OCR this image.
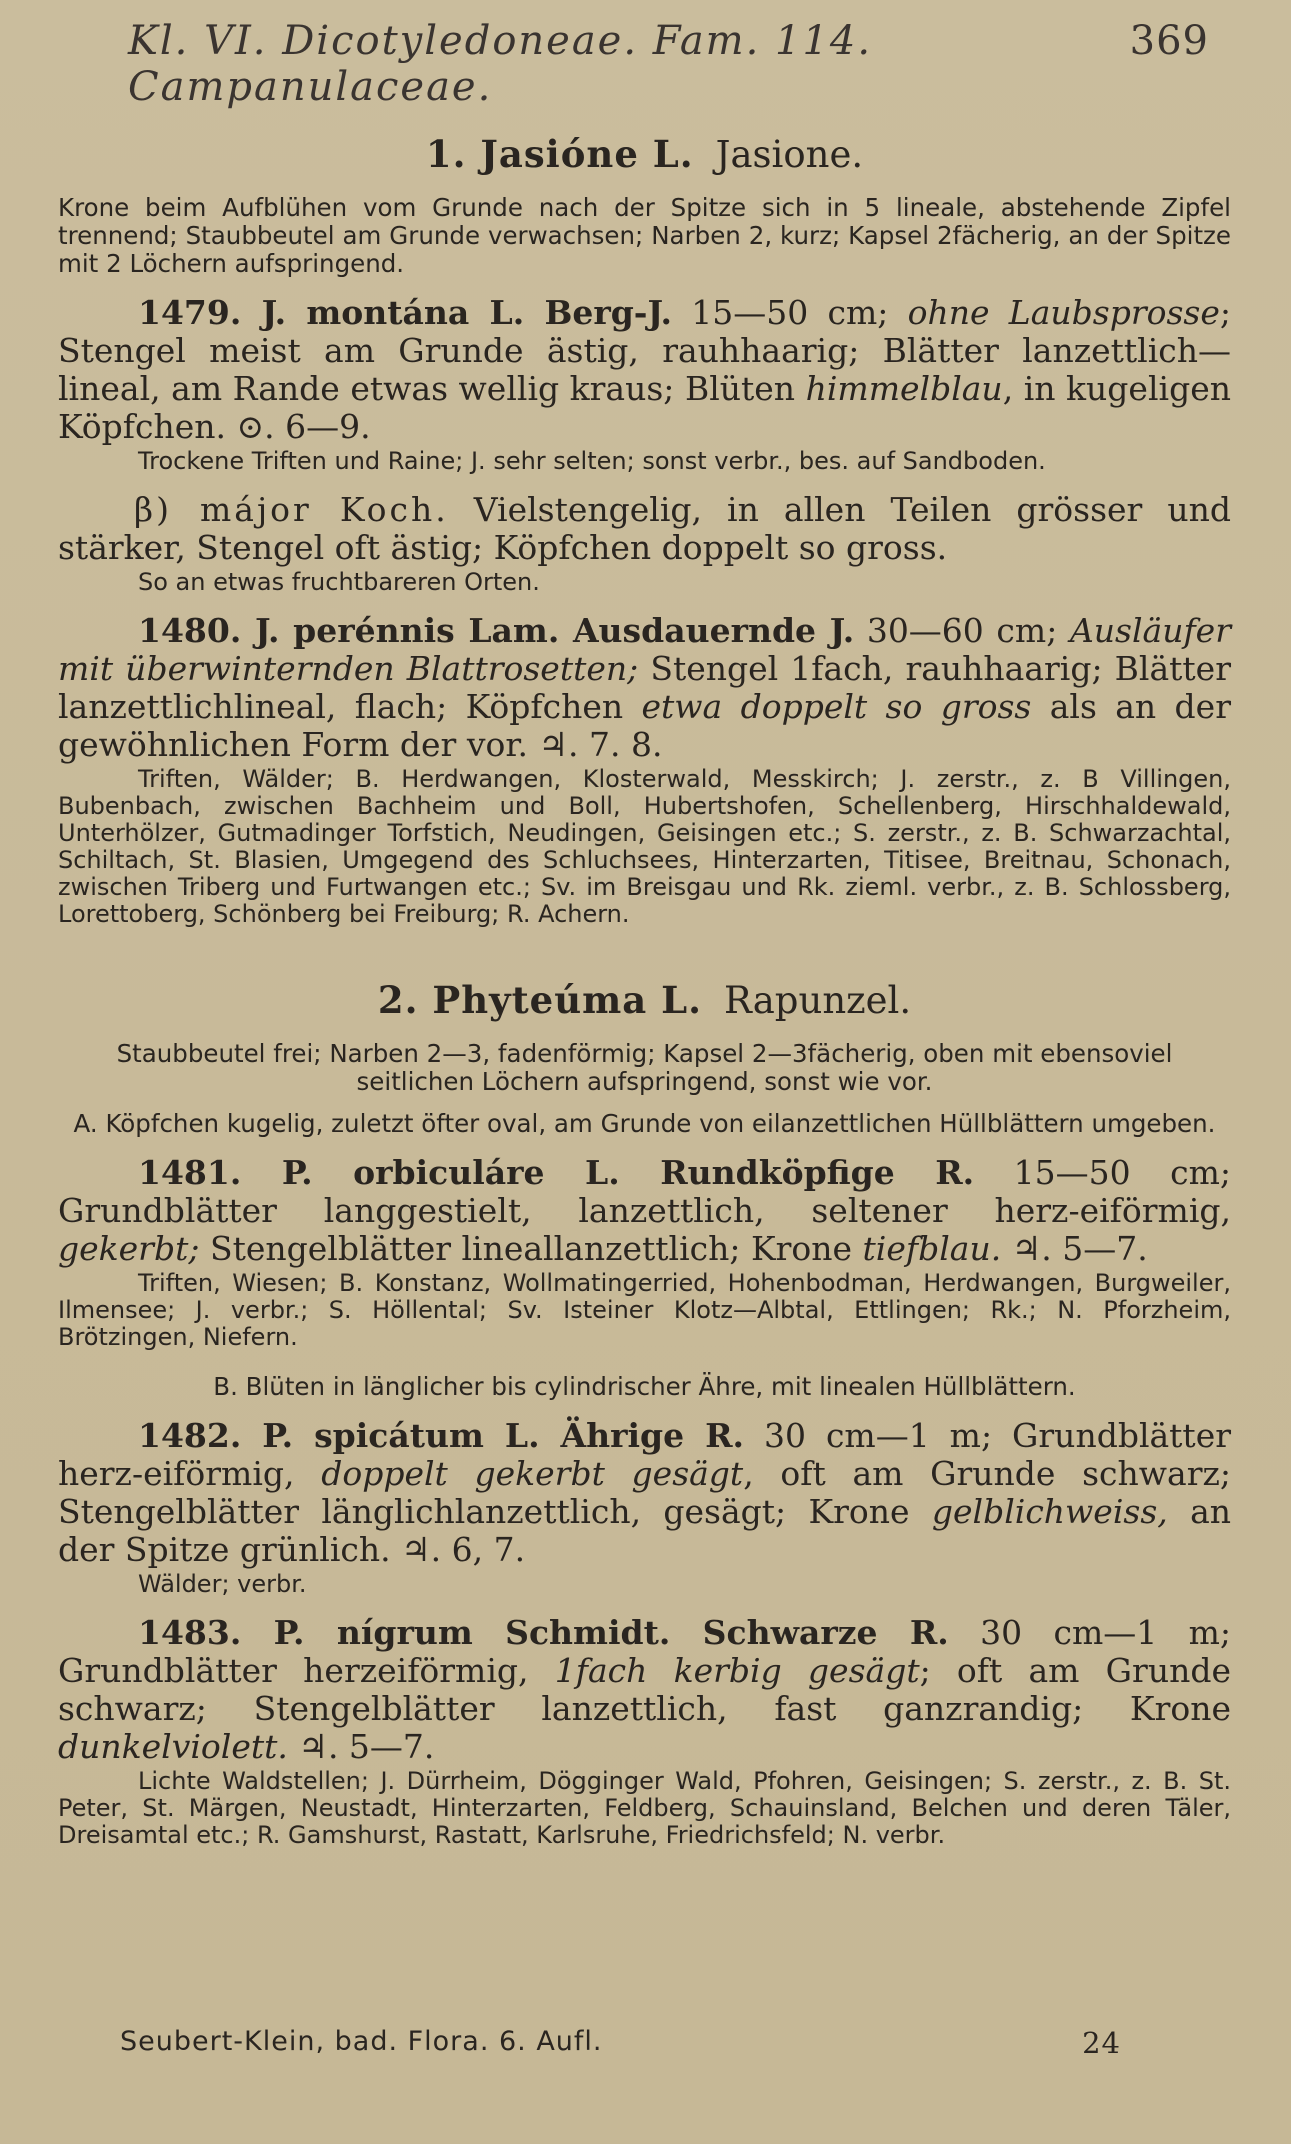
Kl. VI. Dicotyledoneae. Fam. 114. Campanulaceae.
369
1. Jasióne L. Jasione.

Krone beim Aufblühen vom Grunde nach der Spitze sich in 5 lineale, abstehende Zipfel trennend; Staubbeutel am Grunde verwachsen; Narben 2, kurz; Kapsel 2fächerig, an der Spitze mit 2 Löchern aufspringend.

1479. J. montána L. Berg-J. 15—50 cm; ohne Laubsprosse; Stengel meist am Grunde ästig, rauhhaarig; Blätter lanzettlich—lineal, am Rande etwas wellig kraus; Blüten himmelblau, in kugeligen Köpfchen. ⊙. 6—9.

Trockene Triften und Raine; J. sehr selten; sonst verbr., bes. auf Sandboden.

β) májor Koch. Vielstengelig, in allen Teilen grösser und stärker, Stengel oft ästig; Köpfchen doppelt so gross.

So an etwas fruchtbareren Orten.

1480. J. perénnis Lam. Ausdauernde J. 30—60 cm; Ausläufer mit überwinternden Blattrosetten; Stengel 1fach, rauhhaarig; Blätter lanzettlichlineal, flach; Köpfchen etwa doppelt so gross als an der gewöhnlichen Form der vor. ♃. 7. 8.

Triften, Wälder; B. Herdwangen, Klosterwald, Messkirch; J. zerstr., z. B Villingen, Bubenbach, zwischen Bachheim und Boll, Hubertshofen, Schellenberg, Hirschhaldewald, Unterhölzer, Gutmadinger Torfstich, Neudingen, Geisingen etc.; S. zerstr., z. B. Schwarzachtal, Schiltach, St. Blasien, Umgegend des Schluchsees, Hinterzarten, Titisee, Breitnau, Schonach, zwischen Triberg und Furtwangen etc.; Sv. im Breisgau und Rk. zieml. verbr., z. B. Schlossberg, Lorettoberg, Schönberg bei Freiburg; R. Achern.

2. Phyteúma L. Rapunzel.

Staubbeutel frei; Narben 2—3, fadenförmig; Kapsel 2—3fächerig, oben mit ebensoviel seitlichen Löchern aufspringend, sonst wie vor.

A. Köpfchen kugelig, zuletzt öfter oval, am Grunde von eilanzettlichen Hüllblättern umgeben.

1481. P. orbiculáre L. Rundköpfige R. 15—50 cm; Grundblätter langgestielt, lanzettlich, seltener herz-eiförmig, gekerbt; Stengelblätter lineallanzettlich; Krone tiefblau. ♃. 5—7.

Triften, Wiesen; B. Konstanz, Wollmatingerried, Hohenbodman, Herdwangen, Burgweiler, Ilmensee; J. verbr.; S. Höllental; Sv. Isteiner Klotz—Albtal, Ettlingen; Rk.; N. Pforzheim, Brötzingen, Niefern.

B. Blüten in länglicher bis cylindrischer Ähre, mit linealen Hüllblättern.

1482. P. spicátum L. Ährige R. 30 cm—1 m; Grundblätter herz-eiförmig, doppelt gekerbt gesägt, oft am Grunde schwarz; Stengelblätter länglichlanzettlich, gesägt; Krone gelblichweiss, an der Spitze grünlich. ♃. 6, 7.

Wälder; verbr.

1483. P. nígrum Schmidt. Schwarze R. 30 cm—1 m; Grundblätter herzeiförmig, 1fach kerbig gesägt; oft am Grunde schwarz; Stengelblätter lanzettlich, fast ganzrandig; Krone dunkelviolett. ♃. 5—7.

Lichte Waldstellen; J. Dürrheim, Dögginger Wald, Pfohren, Geisingen; S. zerstr., z. B. St. Peter, St. Märgen, Neustadt, Hinterzarten, Feldberg, Schauinsland, Belchen und deren Täler, Dreisamtal etc.; R. Gamshurst, Rastatt, Karlsruhe, Friedrichsfeld; N. verbr.

Seubert-Klein, bad. Flora. 6. Aufl.	24
